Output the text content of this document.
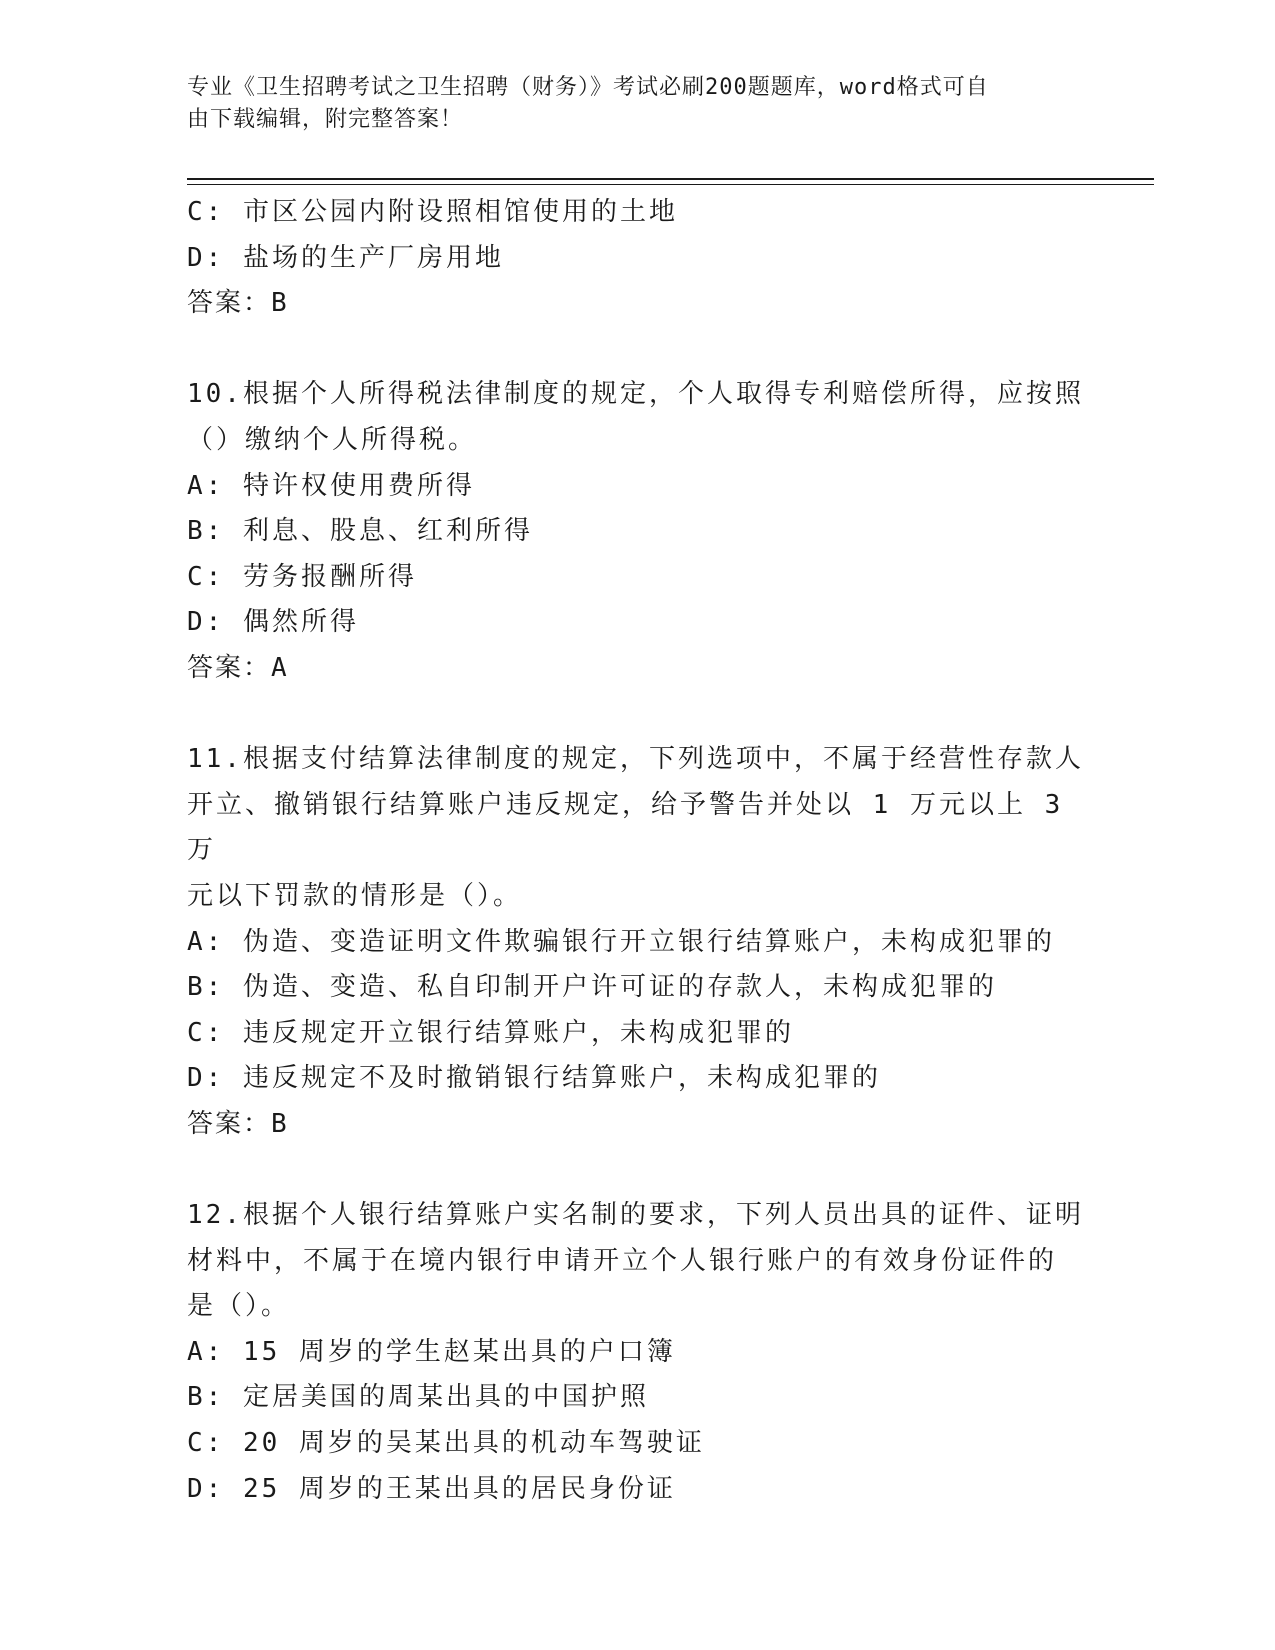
专业《卫生招聘考试之卫生招聘（财务）》考试必刷200题题库，word格式可自
由下载编辑，附完整答案！
C: 市区公园内附设照相馆使用的土地
D: 盐场的生产厂房用地
答案：B
10.根据个人所得税法律制度的规定，个人取得专利赔偿所得，应按照
（）缴纳个人所得税。
A: 特许权使用费所得
B: 利息、股息、红利所得
C: 劳务报酬所得
D: 偶然所得
答案：A
11.根据支付结算法律制度的规定，下列选项中，不属于经营性存款人
开立、撤销银行结算账户违反规定，给予警告并处以 1 万元以上 3 万
元以下罚款的情形是（）。
A: 伪造、变造证明文件欺骗银行开立银行结算账户，未构成犯罪的
B: 伪造、变造、私自印制开户许可证的存款人，未构成犯罪的
C: 违反规定开立银行结算账户，未构成犯罪的
D: 违反规定不及时撤销银行结算账户，未构成犯罪的
答案：B
12.根据个人银行结算账户实名制的要求，下列人员出具的证件、证明
材料中，不属于在境内银行申请开立个人银行账户的有效身份证件的
是（）。
A: 15 周岁的学生赵某出具的户口簿
B: 定居美国的周某出具的中国护照
C: 20 周岁的吴某出具的机动车驾驶证
D: 25 周岁的王某出具的居民身份证
